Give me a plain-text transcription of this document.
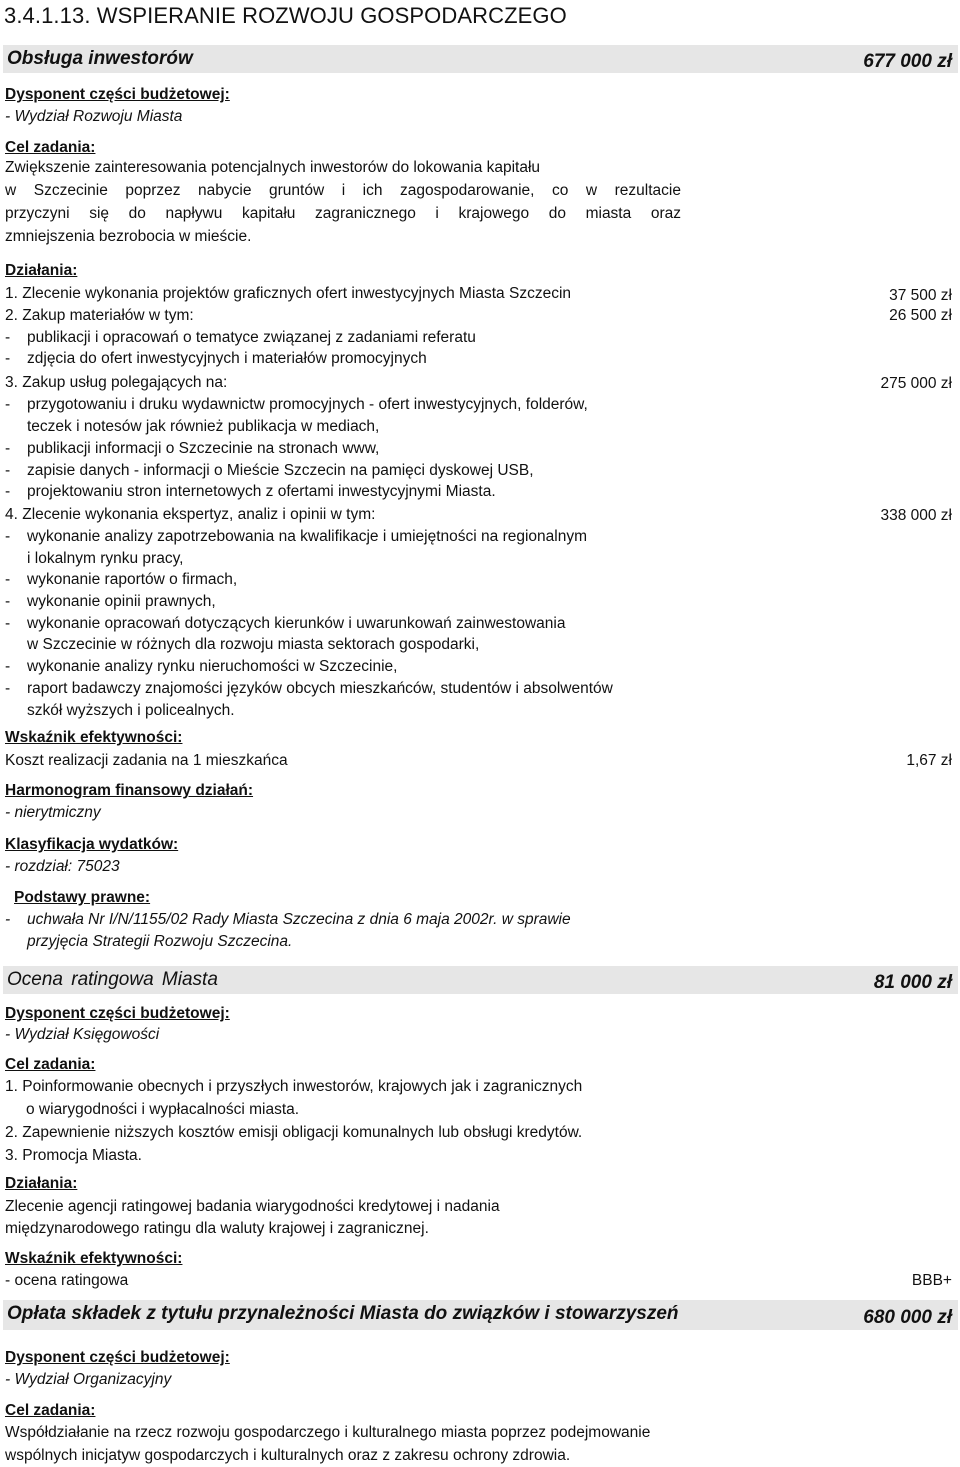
3.4.1.13. WSPIERANIE ROZWOJU GOSPODARCZEGO
Obsługa inwestorów	677 000 zł
Dysponent części budżetowej:
- Wydział Rozwoju Miasta
Cel zadania:
Zwiększenie zainteresowania potencjalnych inwestorów do lokowania kapitału
w Szczecinie poprzez nabycie gruntów i ich zagospodarowanie, co w rezultacie
przyczyni się do napływu kapitału zagranicznego i krajowego do miasta oraz
zmniejszenia bezrobocia w mieście.
Działania:
1. Zlecenie wykonania projektów graficznych ofert inwestycyjnych Miasta Szczecin	37 500 zł
2. Zakup materiałów w tym:	26 500 zł
- publikacji i opracowań o tematyce związanej z zadaniami referatu
- zdjęcia do ofert inwestycyjnych i materiałów promocyjnych
3. Zakup usług polegających na:	275 000 zł
- przygotowaniu i druku wydawnictw promocyjnych - ofert inwestycyjnych, folderów,
teczek i notesów jak również publikacja w mediach,
- publikacji informacji o Szczecinie na stronach www,
- zapisie danych - informacji o Mieście Szczecin na pamięci dyskowej USB,
- projektowaniu stron internetowych z ofertami inwestycyjnymi Miasta.
4. Zlecenie wykonania ekspertyz, analiz i opinii w tym:	338 000 zł
- wykonanie analizy zapotrzebowania na kwalifikacje i umiejętności na regionalnym
i lokalnym rynku pracy,
- wykonanie raportów o firmach,
- wykonanie opinii prawnych,
- wykonanie opracowań dotyczących kierunków i uwarunkowań zainwestowania
w Szczecinie w różnych dla rozwoju miasta sektorach gospodarki,
- wykonanie analizy rynku nieruchomości w Szczecinie,
- raport badawczy znajomości języków obcych mieszkańców, studentów i absolwentów
szkół wyższych i policealnych.
Wskaźnik efektywności:
Koszt realizacji zadania na 1 mieszkańca	1,67 zł
Harmonogram finansowy działań:
- nierytmiczny
Klasyfikacja wydatków:
- rozdział: 75023
Podstawy prawne:
- uchwała Nr I/N/1155/02 Rady Miasta Szczecina z dnia 6 maja 2002r. w sprawie
przyjęcia Strategii Rozwoju Szczecina.
Ocena ratingowa Miasta	81 000 zł
Dysponent części budżetowej:
- Wydział Księgowości
Cel zadania:
1. Poinformowanie obecnych i przyszłych inwestorów, krajowych jak i zagranicznych
o wiarygodności i wypłacalności miasta.
2. Zapewnienie niższych kosztów emisji obligacji komunalnych lub obsługi kredytów.
3. Promocja Miasta.
Działania:
Zlecenie agencji ratingowej badania wiarygodności kredytowej i nadania
międzynarodowego ratingu dla waluty krajowej i zagranicznej.
Wskaźnik efektywności:
- ocena ratingowa	BBB+
Opłata składek z tytułu przynależności Miasta do związków i stowarzyszeń	680 000 zł
Dysponent części budżetowej:
- Wydział Organizacyjny
Cel zadania:
Współdziałanie na rzecz rozwoju gospodarczego i kulturalnego miasta poprzez podejmowanie
wspólnych inicjatyw gospodarczych i kulturalnych oraz z zakresu ochrony zdrowia.
